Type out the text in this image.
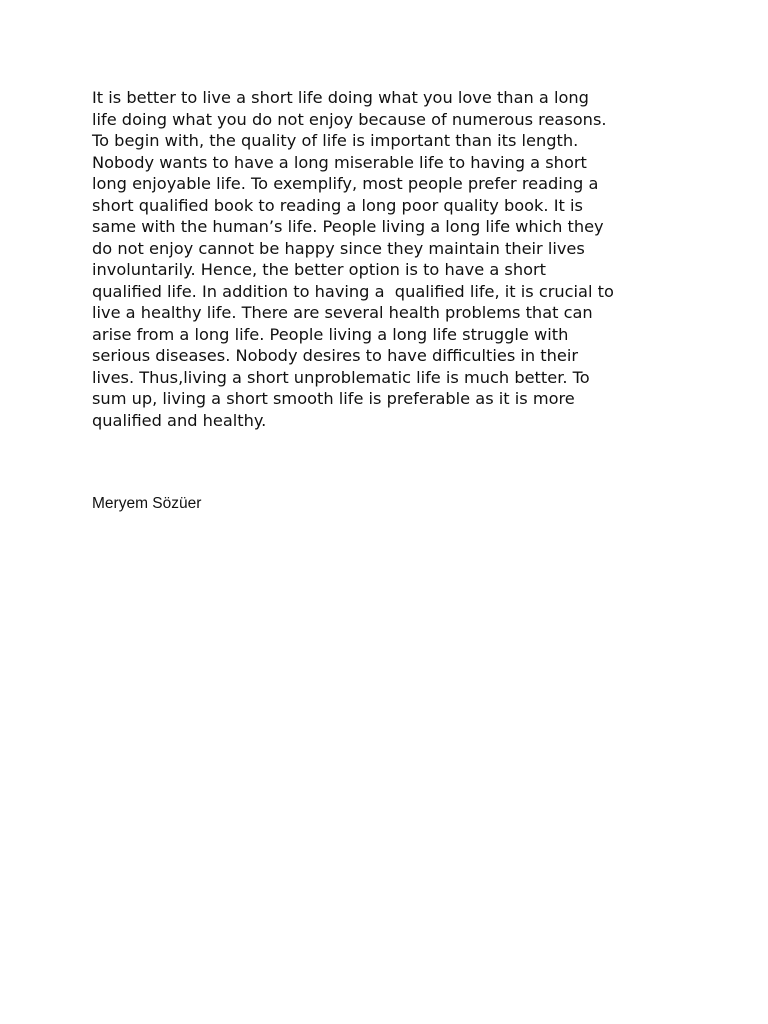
It is better to live a short life doing what you love than a long
life doing what you do not enjoy because of numerous reasons.
To begin with, the quality of life is important than its length.
Nobody wants to have a long miserable life to having a short
long enjoyable life. To exemplify, most people prefer reading a
short qualified book to reading a long poor quality book. It is
same with the human’s life. People living a long life which they
do not enjoy cannot be happy since they maintain their lives
involuntarily. Hence, the better option is to have a short
qualified life. In addition to having a  qualified life, it is crucial to
live a healthy life. There are several health problems that can
arise from a long life. People living a long life struggle with
serious diseases. Nobody desires to have difficulties in their
lives. Thus,living a short unproblematic life is much better. To
sum up, living a short smooth life is preferable as it is more
qualified and healthy.

Meryem Sözüer
